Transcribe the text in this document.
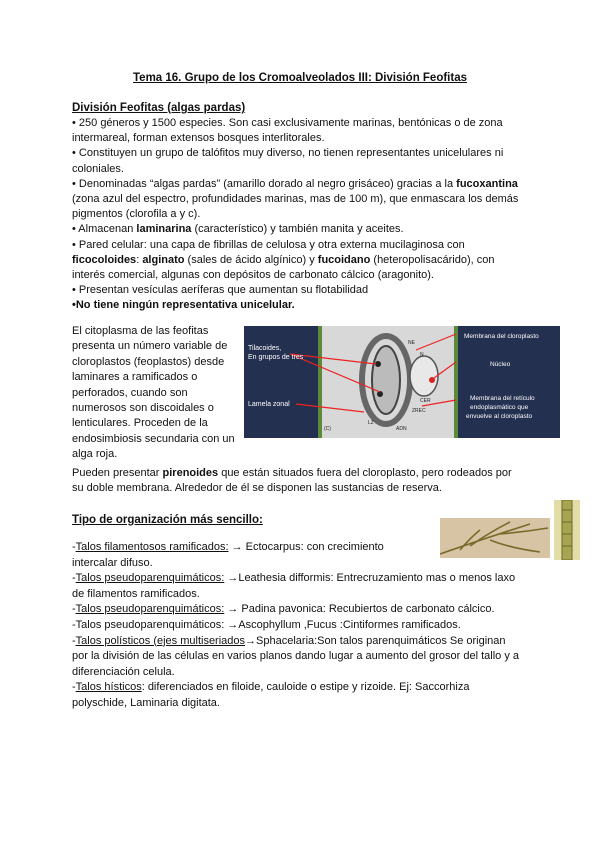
Tema 16. Grupo de los Cromoalveolados III: División Feofitas
División Feofitas (algas pardas)
• 250 géneros y 1500 especies. Son casi exclusivamente marinas, bentónicas o de zona
intermareal, forman extensos bosques interlitorales.
• Constituyen un grupo de talófitos muy diverso, no tienen representantes unicelulares ni
coloniales.
• Denominadas “algas pardas” (amarillo dorado al negro grisáceo) gracias a la fucoxantina
(zona azul del espectro, profundidades marinas, mas de 100 m), que enmascara los demás
pigmentos (clorofila a y c).
• Almacenan laminarina (característico) y también manita y aceites.
• Pared celular: una capa de fibrillas de celulosa y otra externa mucilaginosa con
ficocoloides: alginato (sales de ácido algínico) y fucoidano (heteropolisacárido), con
interés comercial, algunas con depósitos de carbonato cálcico (aragonito).
• Presentan vesículas aeríferas que aumentan su flotabilidad
•No tiene ningún representativa unicelular.
El citoplasma de las feofitas
presenta un número variable de
cloroplastos (feoplastos) desde
laminares a ramificados o
perforados, cuando son
numerosos son discoidales o
lenticulares. Proceden de la
endosimbiosis secundaria con un
alga roja.
Tilacoides,
En grupos de tres
Lamela zonal
Membrana del cloroplasto
Núcleo
Membrana del retículo
endoplasmático que
envuelve al cloroplasto
N
NE
CER
ZREC
LZ
ADN
(C)
Pueden presentar pirenoides que están situados fuera del cloroplasto, pero rodeados por
su doble membrana. Alrededor de él se disponen las sustancias de reserva.
Tipo de organización más sencillo:
-Talos filamentosos ramificados: → Ectocarpus: con crecimiento
intercalar difuso.
-Talos pseudoparenquimáticos: →Leathesia difformis: Entrecruzamiento mas o menos laxo
de filamentos ramificados.
-Talos pseudoparenquimáticos: → Padina pavonica: Recubiertos de carbonato cálcico.
-Talos pseudoparenquimáticos: →Ascophyllum ,Fucus :Cintiformes ramificados.
-Talos polísticos (ejes multiseriados→Sphacelaria:Son talos parenquimáticos Se originan
por la división de las células en varios planos dando lugar a aumento del grosor del tallo y a
diferenciación celula.
-Talos hísticos: diferenciados en filoide, cauloide o estipe y rizoide. Ej: Saccorhiza
polyschide, Laminaria digitata.
